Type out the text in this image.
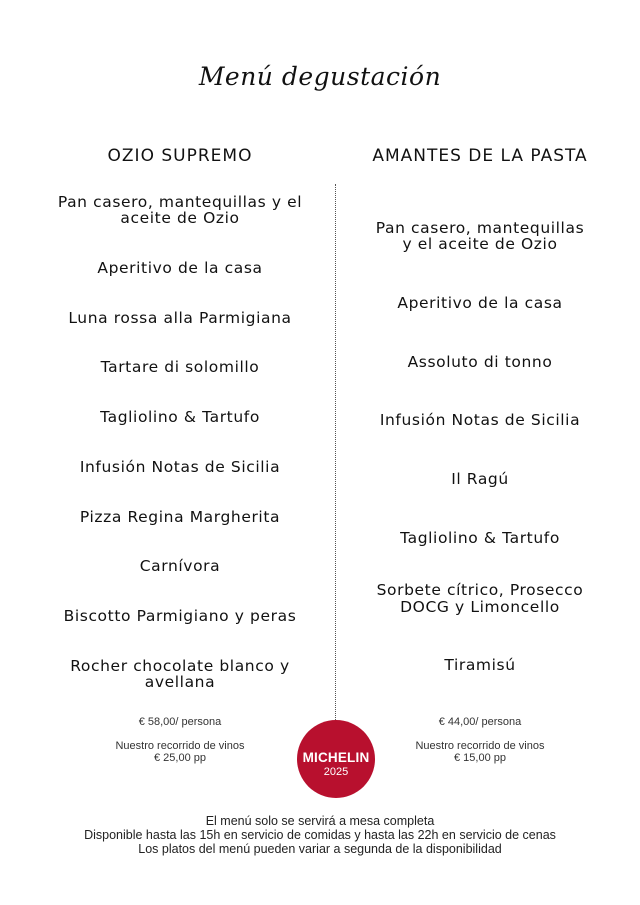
Menú degustación
OZIO SUPREMO
Pan casero, mantequillas y el
aceite de Ozio
Aperitivo de la casa
Luna rossa alla Parmigiana
Tartare di solomillo
Tagliolino & Tartufo
Infusión Notas de Sicilia
Pizza Regina Margherita
Carnívora
Biscotto Parmigiano y peras
Rocher chocolate blanco y
avellana
€ 58,00/ persona
Nuestro recorrido de vinos
€ 25,00 pp
AMANTES DE LA PASTA
Pan casero, mantequillas
y el aceite de Ozio
Aperitivo de la casa
Assoluto di tonno
Infusión Notas de Sicilia
Il Ragú
Tagliolino & Tartufo
Sorbete cítrico, Prosecco
DOCG y Limoncello
Tiramisú
€ 44,00/ persona
Nuestro recorrido de vinos
€ 15,00 pp
MICHELIN
2025
El menú solo se servirá a mesa completa
Disponible hasta las 15h en servicio de comidas y hasta las 22h en servicio de cenas
Los platos del menú pueden variar a segunda de la disponibilidad
